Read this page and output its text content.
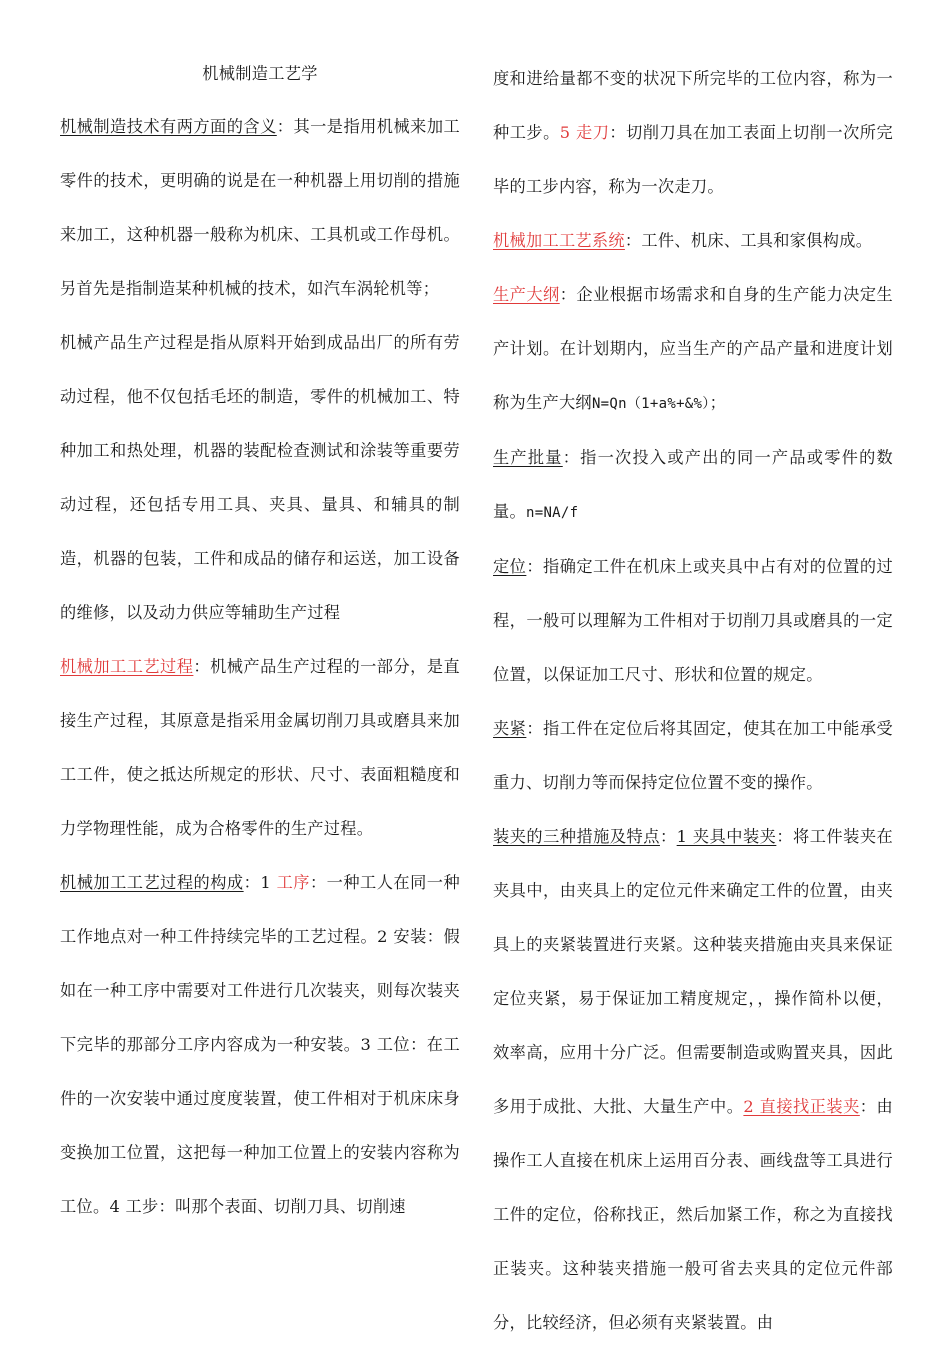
机械制造工艺学

机械制造技术有两方面的含义：其一是指用机械来加工零件的技术，更明确的说是在一种机器上用切削的措施来加工，这种机器一般称为机床、工具机或工作母机。另首先是指制造某种机械的技术，如汽车涡轮机等；

机械产品生产过程是指从原料开始到成品出厂的所有劳动过程，他不仅包括毛坯的制造，零件的机械加工、特种加工和热处理，机器的装配检查测试和涂装等重要劳动过程，还包括专用工具、夹具、量具、和辅具的制造，机器的包装，工件和成品的储存和运送，加工设备的维修，以及动力供应等辅助生产过程

机械加工工艺过程：机械产品生产过程的一部分，是直接生产过程，其原意是指采用金属切削刀具或磨具来加工工件，使之抵达所规定的形状、尺寸、表面粗糙度和力学物理性能，成为合格零件的生产过程。

机械加工工艺过程的构成：1 工序：一种工人在同一种工作地点对一种工件持续完毕的工艺过程。2 安装：假如在一种工序中需要对工件进行几次装夹，则每次装夹下完毕的那部分工序内容成为一种安装。3 工位：在工件的一次安装中通过度度装置，使工件相对于机床床身变换加工位置，这把每一种加工位置上的安装内容称为工位。4 工步：叫那个表面、切削刀具、切削速

度和进给量都不变的状况下所完毕的工位内容，称为一种工步。5 走刀：切削刀具在加工表面上切削一次所完毕的工步内容，称为一次走刀。

机械加工工艺系统：工件、机床、工具和家俱构成。

生产大纲：企业根据市场需求和自身的生产能力决定生产计划。在计划期内，应当生产的产品产量和进度计划称为生产大纲N=Qn（1+a%+&%）；

生产批量：指一次投入或产出的同一产品或零件的数量。n=NA/f

定位：指确定工件在机床上或夹具中占有对的位置的过程，一般可以理解为工件相对于切削刀具或磨具的一定位置，以保证加工尺寸、形状和位置的规定。

夹紧：指工件在定位后将其固定，使其在加工中能承受重力、切削力等而保持定位位置不变的操作。

装夹的三种措施及特点：1 夹具中装夹：将工件装夹在夹具中，由夹具上的定位元件来确定工件的位置，由夹具上的夹紧装置进行夹紧。这种装夹措施由夹具来保证定位夹紧，易于保证加工精度规定，，操作简朴以便，效率高，应用十分广泛。但需要制造或购置夹具，因此多用于成批、大批、大量生产中。2 直接找正装夹：由操作工人直接在机床上运用百分表、画线盘等工具进行工件的定位，俗称找正，然后加紧工作，称之为直接找正装夹。这种装夹措施一般可省去夹具的定位元件部分，比较经济，但必须有夹紧装置。由
